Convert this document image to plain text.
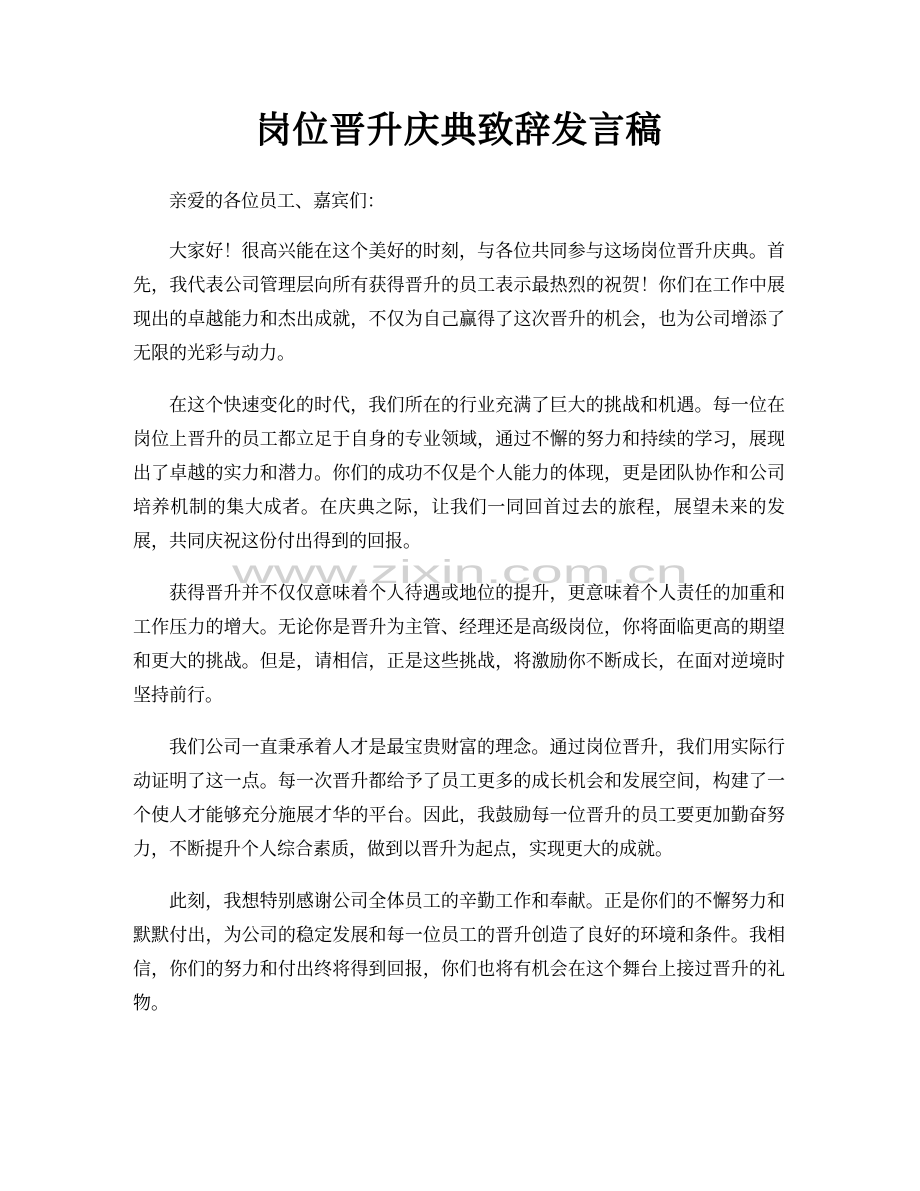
www.zixin.com.cn
岗位晋升庆典致辞发言稿

亲爱的各位员工、嘉宾们：

大家好！很高兴能在这个美好的时刻，与各位共同参与这场岗位晋升庆典。首先，我代表公司管理层向所有获得晋升的员工表示最热烈的祝贺！你们在工作中展现出的卓越能力和杰出成就，不仅为自己赢得了这次晋升的机会，也为公司增添了无限的光彩与动力。

在这个快速变化的时代，我们所在的行业充满了巨大的挑战和机遇。每一位在岗位上晋升的员工都立足于自身的专业领域，通过不懈的努力和持续的学习，展现出了卓越的实力和潜力。你们的成功不仅是个人能力的体现，更是团队协作和公司培养机制的集大成者。在庆典之际，让我们一同回首过去的旅程，展望未来的发展，共同庆祝这份付出得到的回报。

获得晋升并不仅仅意味着个人待遇或地位的提升，更意味着个人责任的加重和工作压力的增大。无论你是晋升为主管、经理还是高级岗位，你将面临更高的期望和更大的挑战。但是，请相信，正是这些挑战，将激励你不断成长，在面对逆境时坚持前行。

我们公司一直秉承着人才是最宝贵财富的理念。通过岗位晋升，我们用实际行动证明了这一点。每一次晋升都给予了员工更多的成长机会和发展空间，构建了一个使人才能够充分施展才华的平台。因此，我鼓励每一位晋升的员工要更加勤奋努力，不断提升个人综合素质，做到以晋升为起点，实现更大的成就。

此刻，我想特别感谢公司全体员工的辛勤工作和奉献。正是你们的不懈努力和默默付出，为公司的稳定发展和每一位员工的晋升创造了良好的环境和条件。我相信，你们的努力和付出终将得到回报，你们也将有机会在这个舞台上接过晋升的礼物。
